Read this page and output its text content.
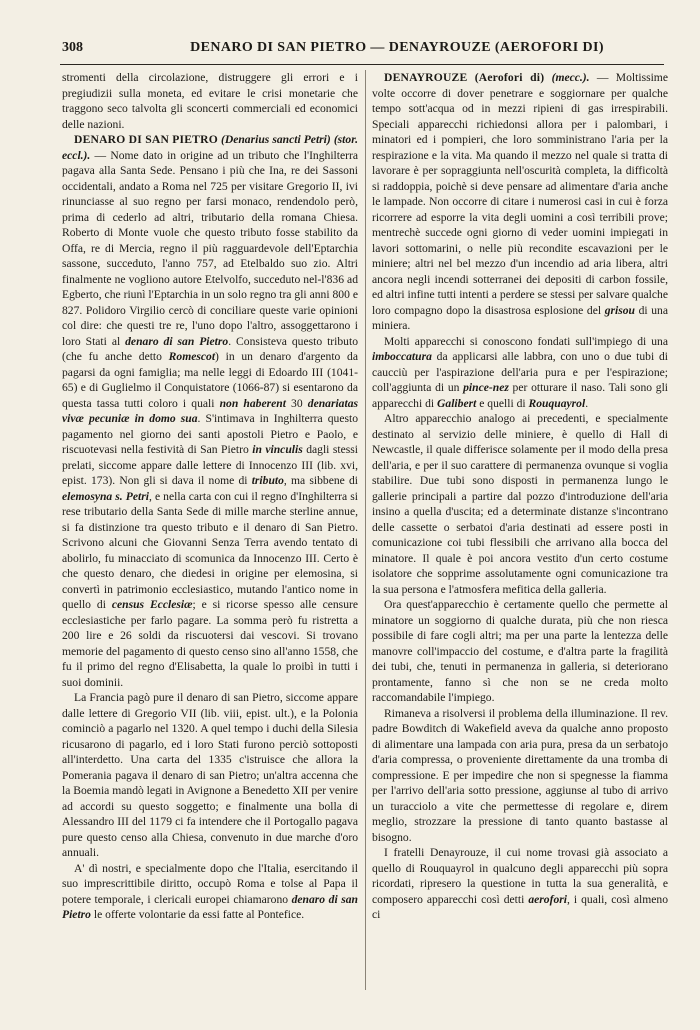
308	DENARO DI SAN PIETRO — DENAYROUZE (AEROFORI DI)

stromenti della circolazione, distruggere gli errori e i pregiudizii sulla moneta, ed evitare le crisi monetarie che traggono seco talvolta gli sconcerti commerciali ed economici delle nazioni.

DENARO DI SAN PIETRO (Denarius sancti Petri) (stor. eccl.). — Nome dato in origine ad un tributo che l'Inghilterra pagava alla Santa Sede. Pensano i più che Ina, re dei Sassoni occidentali, andato a Roma nel 725 per visitare Gregorio II, ivi rinunciasse al suo regno per farsi monaco, rendendolo però, prima di cederlo ad altri, tributario della romana Chiesa. Roberto di Monte vuole che questo tributo fosse stabilito da Offa, re di Mercia, regno il più ragguardevole dell'Eptarchia sassone, succeduto, l'anno 757, ad Etelbaldo suo zio. Altri finalmente ne vogliono autore Etelvolfo, succeduto nel-l'836 ad Egberto, che riunì l'Eptarchia in un solo regno tra gli anni 800 e 827. Polidoro Virgilio cercò di conciliare queste varie opinioni col dire: che questi tre re, l'uno dopo l'altro, assoggettarono i loro Stati al denaro di san Pietro. Consisteva questo tributo (che fu anche detto Romescot) in un denaro d'argento da pagarsi da ogni famiglia; ma nelle leggi di Edoardo III (1041-65) e di Guglielmo il Conquistatore (1066-87) si esentarono da questa tassa tutti coloro i quali non haberent 30 denariatas vivæ pecuniæ in domo sua. S'intimava in Inghilterra questo pagamento nel giorno dei santi apostoli Pietro e Paolo, e riscuotevasi nella festività di San Pietro in vinculis dagli stessi prelati, siccome appare dalle lettere di Innocenzo III (lib. xvi, epist. 173). Non gli si dava il nome di tributo, ma sibbene di elemosyna s. Petri, e nella carta con cui il regno d'Inghilterra si rese tributario della Santa Sede di mille marche sterline annue, si fa distinzione tra questo tributo e il denaro di San Pietro. Scrivono alcuni che Giovanni Senza Terra avendo tentato di abolirlo, fu minacciato di scomunica da Innocenzo III. Certo è che questo denaro, che diedesi in origine per elemosina, si convertì in patrimonio ecclesiastico, mutando l'antico nome in quello di census Ecclesiæ; e si ricorse spesso alle censure ecclesiastiche per farlo pagare. La somma però fu ristretta a 200 lire e 26 soldi da riscuotersi dai vescovi. Si trovano memorie del pagamento di questo censo sino all'anno 1558, che fu il primo del regno d'Elisabetta, la quale lo proibì in tutti i suoi dominii.

La Francia pagò pure il denaro di san Pietro, siccome appare dalle lettere di Gregorio VII (lib. viii, epist. ult.), e la Polonia cominciò a pagarlo nel 1320. A quel tempo i duchi della Silesia ricusarono di pagarlo, ed i loro Stati furono perciò sottoposti all'interdetto. Una carta del 1335 c'istruisce che allora la Pomerania pagava il denaro di san Pietro; un'altra accenna che la Boemia mandò legati in Avignone a Benedetto XII per venire ad accordi su questo soggetto; e finalmente una bolla di Alessandro III del 1179 ci fa intendere che il Portogallo pagava pure questo censo alla Chiesa, convenuto in due marche d'oro annuali.

A' dì nostri, e specialmente dopo che l'Italia, esercitando il suo imprescrittibile diritto, occupò Roma e tolse al Papa il potere temporale, i clericali europei chiamarono denaro di san Pietro le offerte volontarie da essi fatte al Pontefice.

DENAYROUZE (Aerofori di) (mecc.). — Moltissime volte occorre di dover penetrare e soggiornare per qualche tempo sott'acqua od in mezzi ripieni di gas irrespirabili. Speciali apparecchi richiedonsi allora per i palombari, i minatori ed i pompieri, che loro somministrano l'aria per la respirazione e la vita. Ma quando il mezzo nel quale si tratta di lavorare è per sopraggiunta nell'oscurità completa, la difficoltà si raddoppia, poichè si deve pensare ad alimentare d'aria anche le lampade. Non occorre di citare i numerosi casi in cui è forza ricorrere ad esporre la vita degli uomini a così terribili prove; mentrechè succede ogni giorno di veder uomini impiegati in lavori sottomarini, o nelle più recondite escavazioni per le miniere; altri nel bel mezzo d'un incendio ad aria libera, altri ancora negli incendi sotterranei dei depositi di carbon fossile, ed altri infine tutti intenti a perdere se stessi per salvare qualche loro compagno dopo la disastrosa esplosione del grisou di una miniera.

Molti apparecchi si conoscono fondati sull'impiego di una imboccatura da applicarsi alle labbra, con uno o due tubi di caucciù per l'aspirazione dell'aria pura e per l'espirazione; coll'aggiunta di un pince-nez per otturare il naso. Tali sono gli apparecchi di Galibert e quelli di Rouquayrol.

Altro apparecchio analogo ai precedenti, e specialmente destinato al servizio delle miniere, è quello di Hall di Newcastle, il quale differisce solamente per il modo della presa dell'aria, e per il suo carattere di permanenza ovunque si voglia stabilire. Due tubi sono disposti in permanenza lungo le gallerie principali a partire dal pozzo d'introduzione dell'aria insino a quella d'uscita; ed a determinate distanze s'incontrano delle cassette o serbatoi d'aria destinati ad essere posti in comunicazione coi tubi flessibili che arrivano alla bocca del minatore. Il quale è poi ancora vestito d'un certo costume isolatore che sopprime assolutamente ogni comunicazione tra la sua persona e l'atmosfera mefitica della galleria.

Ora quest'apparecchio è certamente quello che permette al minatore un soggiorno di qualche durata, più che non riesca possibile di fare cogli altri; ma per una parte la lentezza delle manovre coll'impaccio del costume, e d'altra parte la fragilità dei tubi, che, tenuti in permanenza in galleria, si deteriorano prontamente, fanno sì che non se ne creda molto raccomandabile l'impiego.

Rimaneva a risolversi il problema della illuminazione. Il rev. padre Bowditch di Wakefield aveva da qualche anno proposto di alimentare una lampada con aria pura, presa da un serbatojo d'aria compressa, o proveniente direttamente da una tromba di compressione. E per impedire che non si spegnesse la fiamma per l'arrivo dell'aria sotto pressione, aggiunse al tubo di arrivo un turacciolo a vite che permettesse di regolare e, direm meglio, strozzare la pressione di tanto quanto bastasse al bisogno.

I fratelli Denayrouze, il cui nome trovasi già associato a quello di Rouquayrol in qualcuno degli apparecchi più sopra ricordati, ripresero la questione in tutta la sua generalità, e composero apparecchi così detti aerofori, i quali, così almeno ci
